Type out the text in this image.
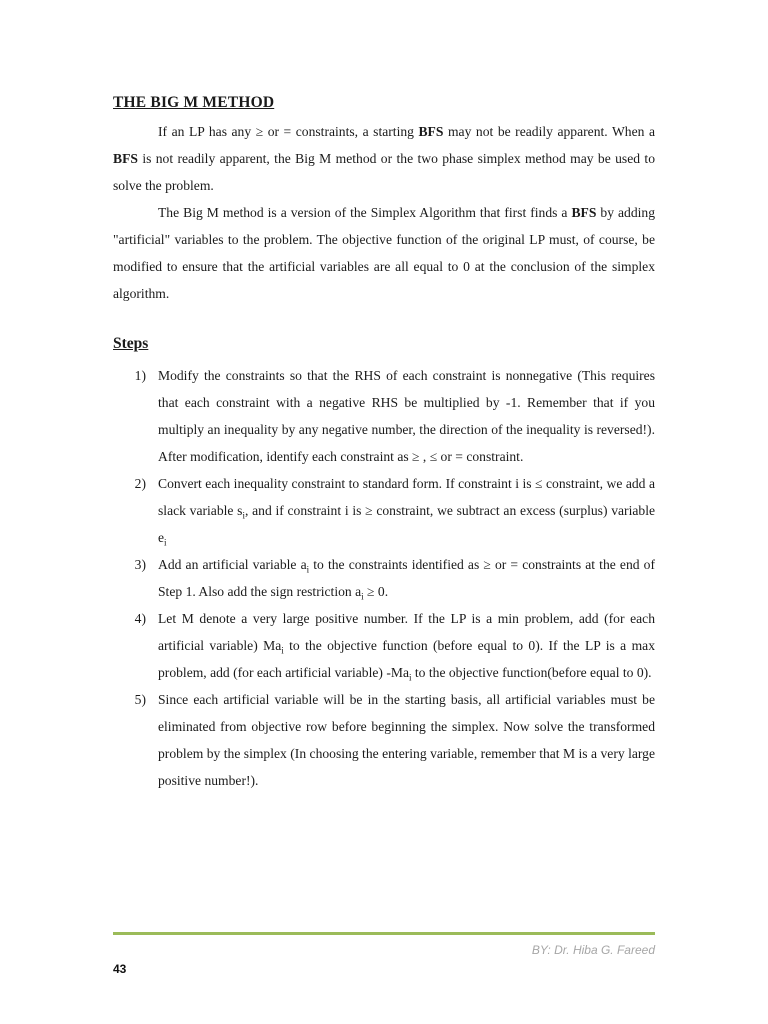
THE BIG M METHOD

If an LP has any ≥ or = constraints, a starting BFS may not be readily apparent. When a BFS is not readily apparent, the Big M method or the two phase simplex method may be used to solve the problem.

The Big M method is a version of the Simplex Algorithm that first finds a BFS by adding "artificial" variables to the problem. The objective function of the original LP must, of course, be modified to ensure that the artificial variables are all equal to 0 at the conclusion of the simplex algorithm.

Steps
1) Modify the constraints so that the RHS of each constraint is nonnegative (This requires that each constraint with a negative RHS be multiplied by -1. Remember that if you multiply an inequality by any negative number, the direction of the inequality is reversed!). After modification, identify each constraint as ≥ , ≤ or = constraint.
2) Convert each inequality constraint to standard form. If constraint i is ≤ constraint, we add a slack variable $s_i$, and if constraint i is ≥ constraint, we subtract an excess (surplus) variable $e_i$
3) Add an artificial variable $a_i$ to the constraints identified as ≥ or = constraints at the end of Step 1. Also add the sign restriction $a_i \ge 0$.
4) Let M denote a very large positive number. If the LP is a min problem, add (for each artificial variable) $Ma_i$ to the objective function (before equal to 0). If the LP is a max problem, add (for each artificial variable) $-Ma_i$ to the objective function(before equal to 0).
5) Since each artificial variable will be in the starting basis, all artificial variables must be eliminated from objective row before beginning the simplex. Now solve the transformed problem by the simplex (In choosing the entering variable, remember that M is a very large positive number!).

BY: Dr. Hiba G. Fareed

43
